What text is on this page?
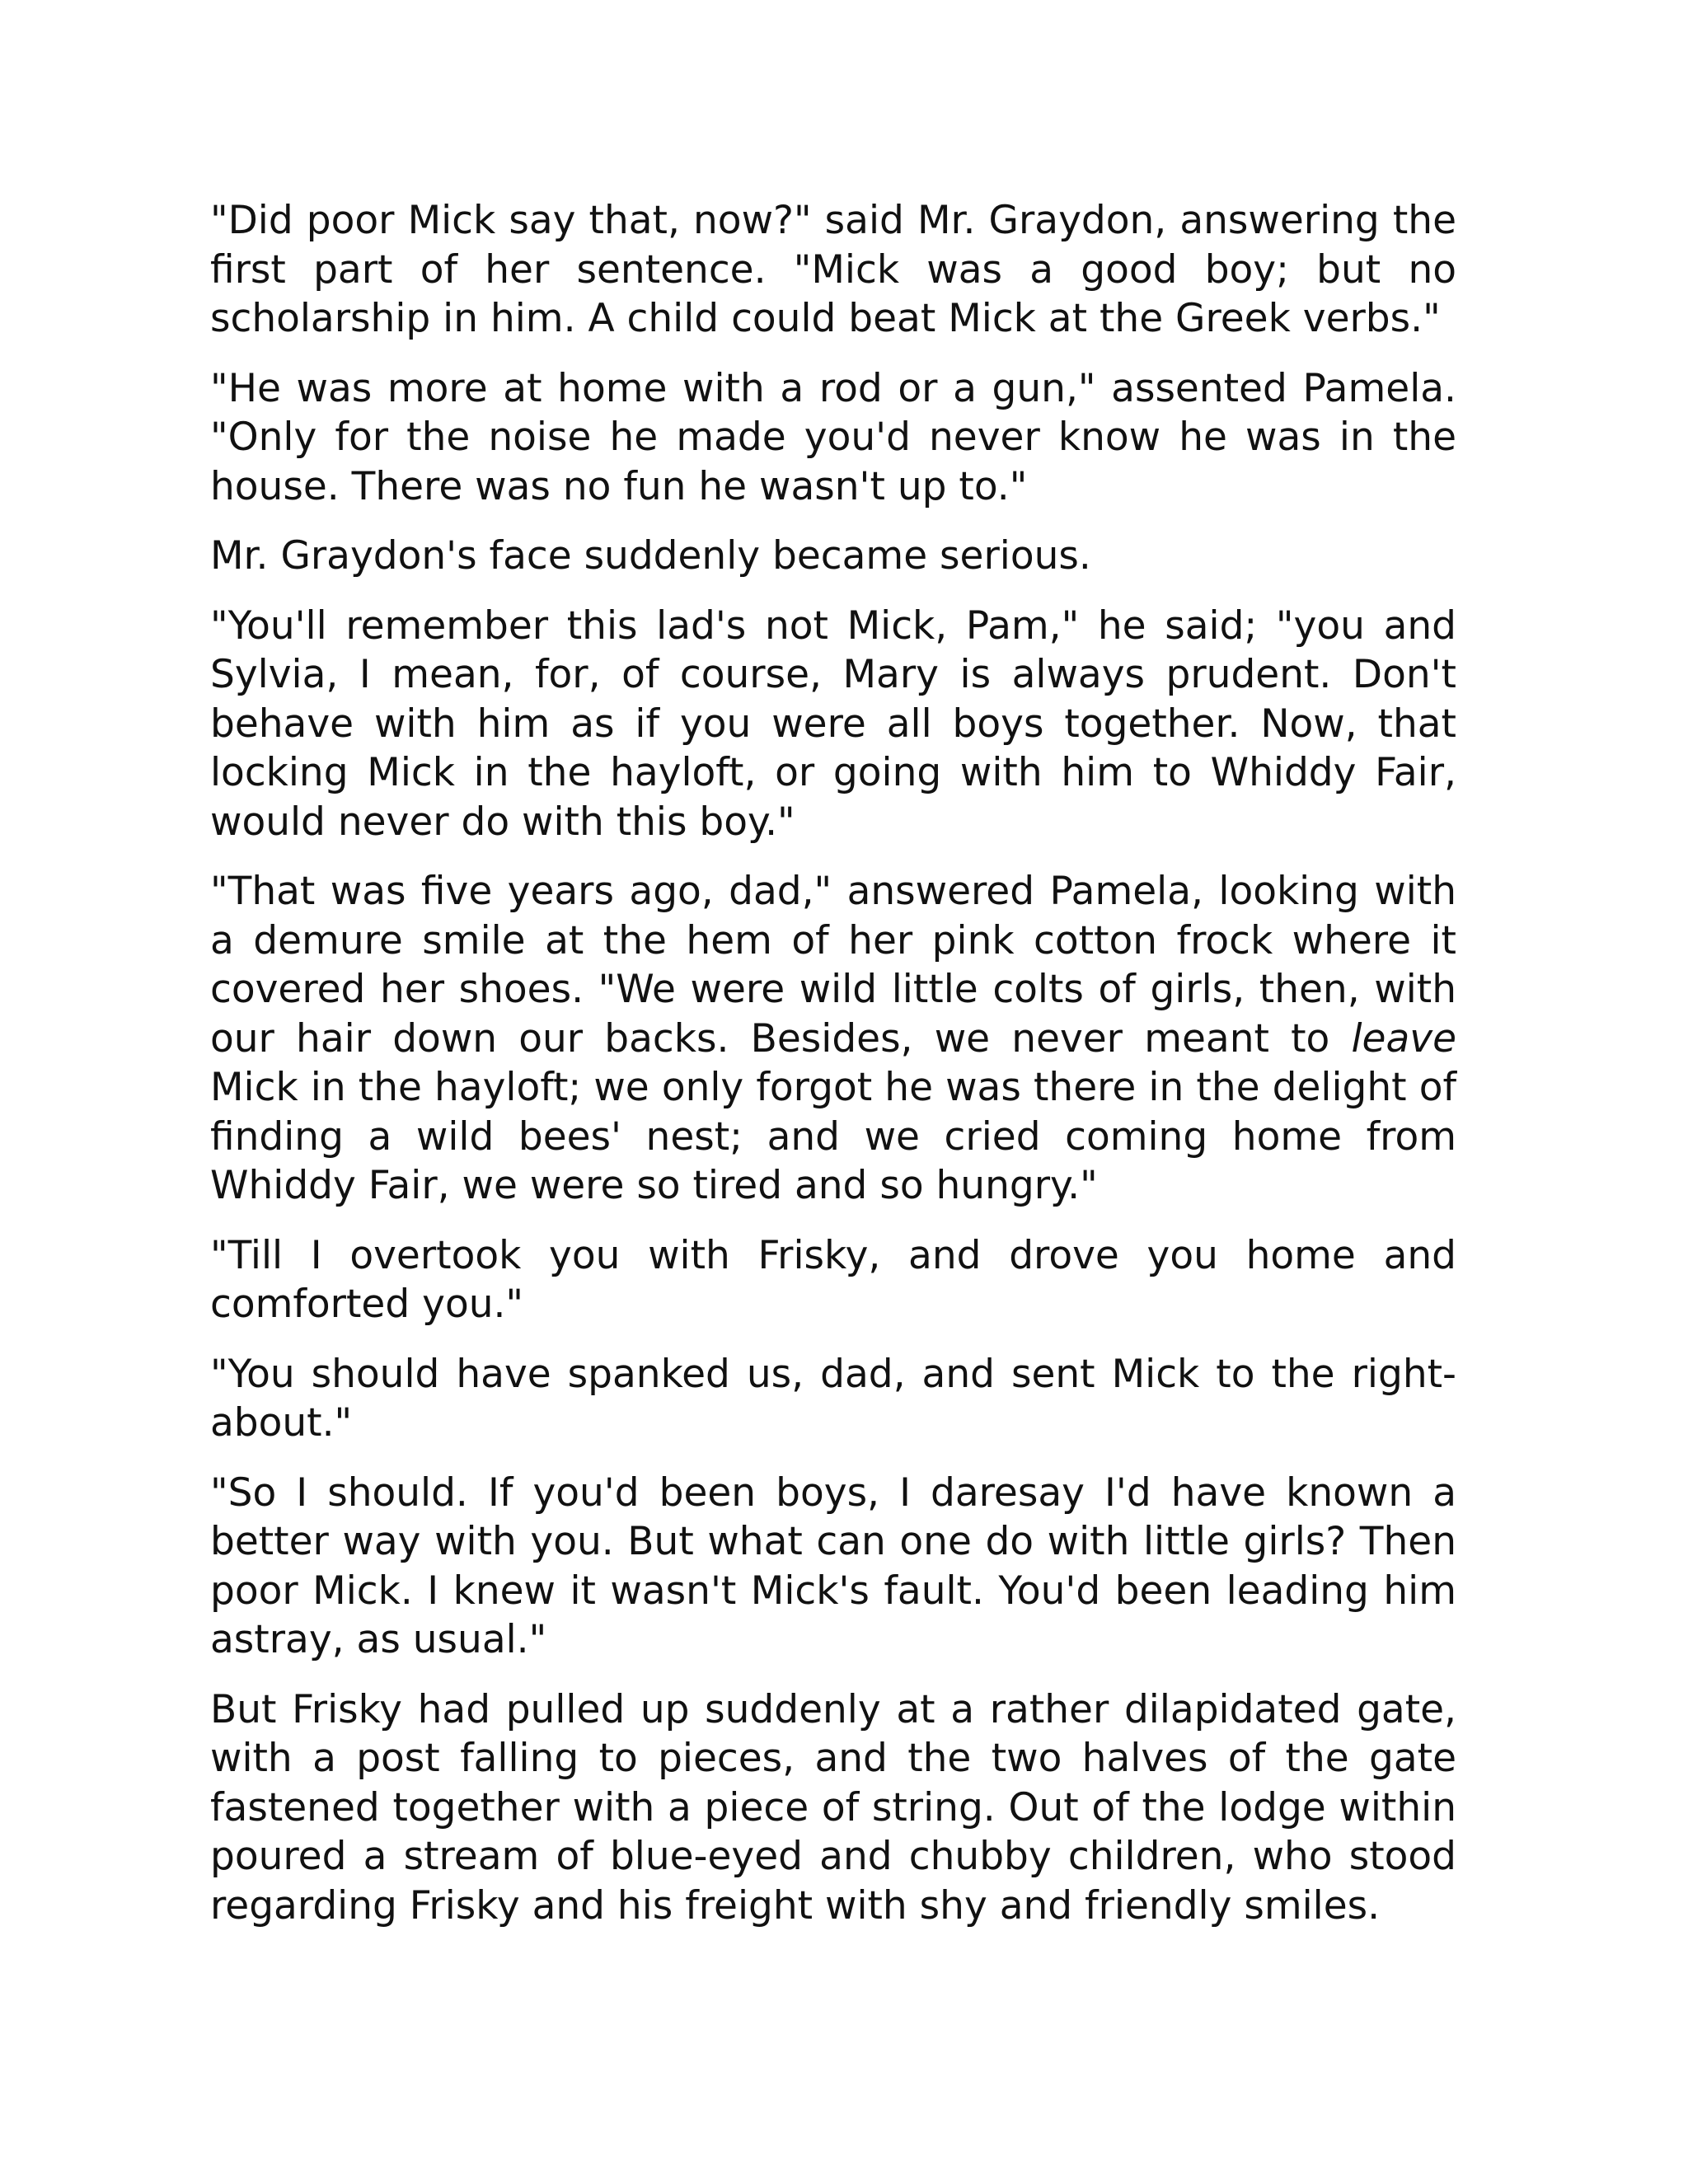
"Did poor Mick say that, now?" said Mr. Graydon, answering the first part of her sentence. "Mick was a good boy; but no scholarship in him. A child could beat Mick at the Greek verbs."

"He was more at home with a rod or a gun," assented Pamela. "Only for the noise he made you'd never know he was in the house. There was no fun he wasn't up to."

Mr. Graydon's face suddenly became serious.

"You'll remember this lad's not Mick, Pam," he said; "you and Sylvia, I mean, for, of course, Mary is always prudent. Don't behave with him as if you were all boys together. Now, that locking Mick in the hayloft, or going with him to Whiddy Fair, would never do with this boy."

"That was five years ago, dad," answered Pamela, looking with a demure smile at the hem of her pink cotton frock where it covered her shoes. "We were wild little colts of girls, then, with our hair down our backs. Besides, we never meant to leave Mick in the hayloft; we only forgot he was there in the delight of finding a wild bees' nest; and we cried coming home from Whiddy Fair, we were so tired and so hungry."

"Till I overtook you with Frisky, and drove you home and comforted you."

"You should have spanked us, dad, and sent Mick to the right-about."

"So I should. If you'd been boys, I daresay I'd have known a better way with you. But what can one do with little girls? Then poor Mick. I knew it wasn't Mick's fault. You'd been leading him astray, as usual."

But Frisky had pulled up suddenly at a rather dilapidated gate, with a post falling to pieces, and the two halves of the gate fastened together with a piece of string. Out of the lodge within poured a stream of blue-eyed and chubby children, who stood regarding Frisky and his freight with shy and friendly smiles.
